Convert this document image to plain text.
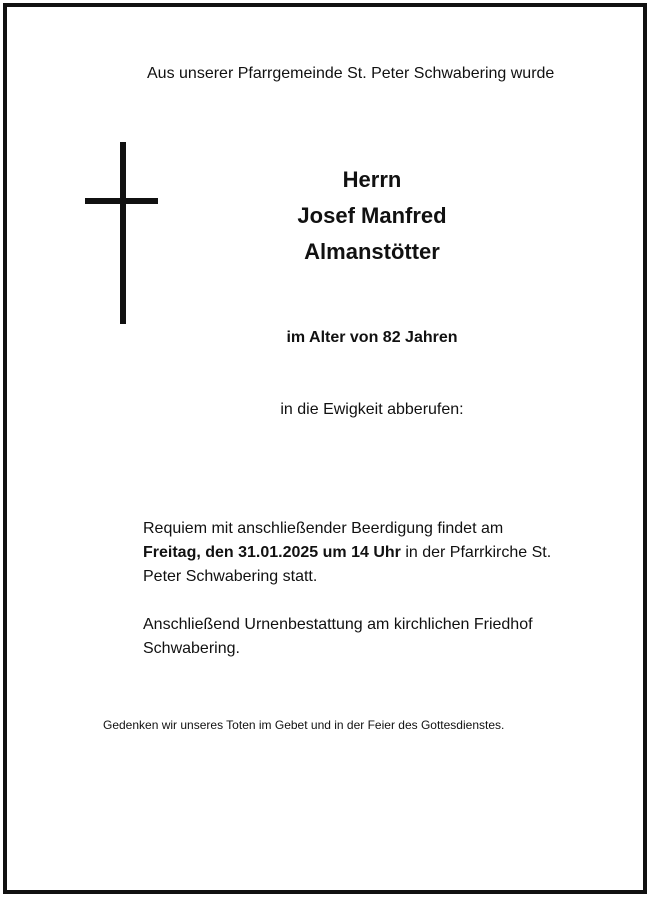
Aus unserer Pfarrgemeinde St. Peter Schwabering wurde

Herrn
Josef Manfred
Almanstötter

im Alter von 82 Jahren

in die Ewigkeit abberufen:

Requiem mit anschließender Beerdigung findet am
Freitag, den 31.01.2025 um 14 Uhr in der Pfarrkirche St. Peter Schwabering statt.

Anschließend Urnenbestattung am kirchlichen Friedhof Schwabering.

Gedenken wir unseres Toten im Gebet und in der Feier des Gottesdienstes.
